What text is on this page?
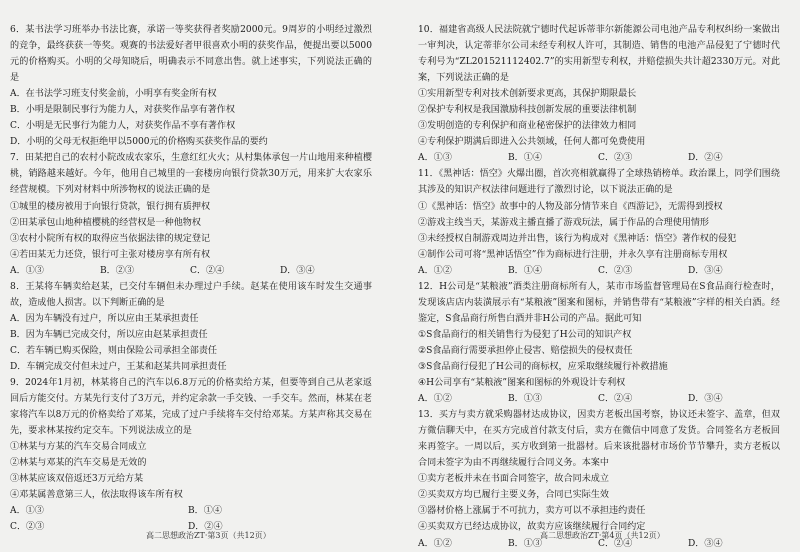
6．某书法学习班举办书法比赛，承诺一等奖获得者奖励2000元。9周岁的小明经过激烈的竞争，最终获获一等奖。观赛的书法爱好者甲很喜欢小明的获奖作品，便提出要以5000元的价格购买。小明的父母知晓后，明确表示不同意出售。就上述事实，下列说法正确的是

A．在书法学习班支付奖金前，小明享有奖金所有权

B．小明是限制民事行为能力人，对获奖作品享有著作权

C．小明是无民事行为能力人，对获奖作品不享有著作权

D．小明的父母无权拒绝甲以5000元的价格购买获奖作品的要约

7．田某把自己的农村小院改成农家乐，生意红红火火；从村集体承包一片山地用来种植樱桃，销路越来越好。今年，他用自己城里的一套楼房向银行贷款30万元，用来扩大农家乐经营规模。下列对材料中所涉物权的说法正确的是

①城里的楼房被用于向银行贷款，银行拥有质押权

②田某承包山地种植樱桃的经营权是一种他物权

③农村小院所有权的取得应当依据法律的规定登记

④若田某无力还贷，银行可主张对楼房享有所有权

A．①③	B．②③	C．②④	D．③④

8．王某将车辆卖给赵某，已交付车辆但未办理过户手续。赵某在使用该车时发生交通事故，造成他人损害。以下判断正确的是

A．因为车辆没有过户，所以应由王某承担责任

B．因为车辆已完成交付，所以应由赵某承担责任

C．若车辆已购买保险，则由保险公司承担全部责任

D．车辆完成交付但未过户，王某和赵某共同承担责任

9．2024年1月初，林某将自己的汽车以6.8万元的价格卖给方某，但要等到自己从老家返回后方能交付。方某先行支付了3万元，并约定余款一手交钱、一手交车。然而，林某在老家将汽车以8万元的价格卖给了邓某，完成了过户手续将车交付给邓某。方某声称其交易在先，要求林某按约定交车。下列说法成立的是

①林某与方某的汽车交易合同成立

②林某与邓某的汽车交易是无效的

③林某应该双倍返还3万元给方某

④邓某属善意第三人，依法取得该车所有权

A．①③	B．①④
C．②③	D．②④

10．福建省高级人民法院就宁德时代起诉蒂菲尔新能源公司电池产品专利权纠纷一案做出一审判决，认定蒂菲尔公司未经专利权人许可，其制造、销售的电池产品侵犯了宁德时代专利号为“ZL201521112402.7”的实用新型专利权，并赔偿损失共计超2330万元。对此案，下列说法正确的是

①实用新型专利对技术创新要求更高，其保护期限最长

②保护专利权是我国激励科技创新发展的重要法律机制

③发明创造的专利保护和商业秘密保护的法律效力相同

④专利保护期满后即进入公共领域，任何人都可免费使用

A．①③	B．①④	C．②③	D．②④

11．《黑神话：悟空》火爆出圈，首次亮相就赢得了全球热销榜单。政治课上，同学们围绕其涉及的知识产权法律问题进行了激烈讨论，以下说法正确的是

①《黑神话：悟空》故事中的人物及部分情节来自《西游记》，无需得到授权

②游戏主线当天，某游戏主播直播了游戏玩法，属于作品的合理使用情形

③未经授权自制游戏周边并出售，该行为构成对《黑神话：悟空》著作权的侵犯

④制作公司可将“黑神话悟空”作为商标进行注册，并永久享有注册商标专用权

A．①②	B．①④	C．②③	D．③④

12．H公司是“某粮液”酒类注册商标所有人，某市市场监督管理局在S食品商行检查时，发现该店店内装潢展示有“某粮液”图案和图标，并销售带有“某粮液”字样的相关白酒。经鉴定，S食品商行所售白酒并非H公司的产品。据此可知

①S食品商行的相关销售行为侵犯了H公司的知识产权

②S食品商行需要承担停止侵害、赔偿损失的侵权责任

③S食品商行侵犯了H公司的商标权，应采取继续履行补救措施

④H公司享有“某粮液”图案和图标的外观设计专利权

A．①②	B．①③	C．②④	D．③④

13．买方与卖方就采购器材达成协议，因卖方老板出国考察，协议还未签字、盖章，但双方微信聊天中，在买方完成首付款支付后，卖方在微信中同意了发货。合同签名方老板回来再签字。一周以后，买方收到第一批器材。后来该批器材市场价节节攀升，卖方老板以合同未签字为由不再继续履行合同义务。本案中

①卖方老板并未在书面合同签字，故合同未成立

②买卖双方均已履行主要义务，合同已实际生效

③器材价格上涨属于不可抗力，卖方可以不承担违约责任

④买卖双方已经达成协议，故卖方应该继续履行合同约定

A．①②	B．①③	C．②④	D．③④
高二思想政治ZT·第3页（共12页）	高二思想政治ZT·第4页（共12页）
